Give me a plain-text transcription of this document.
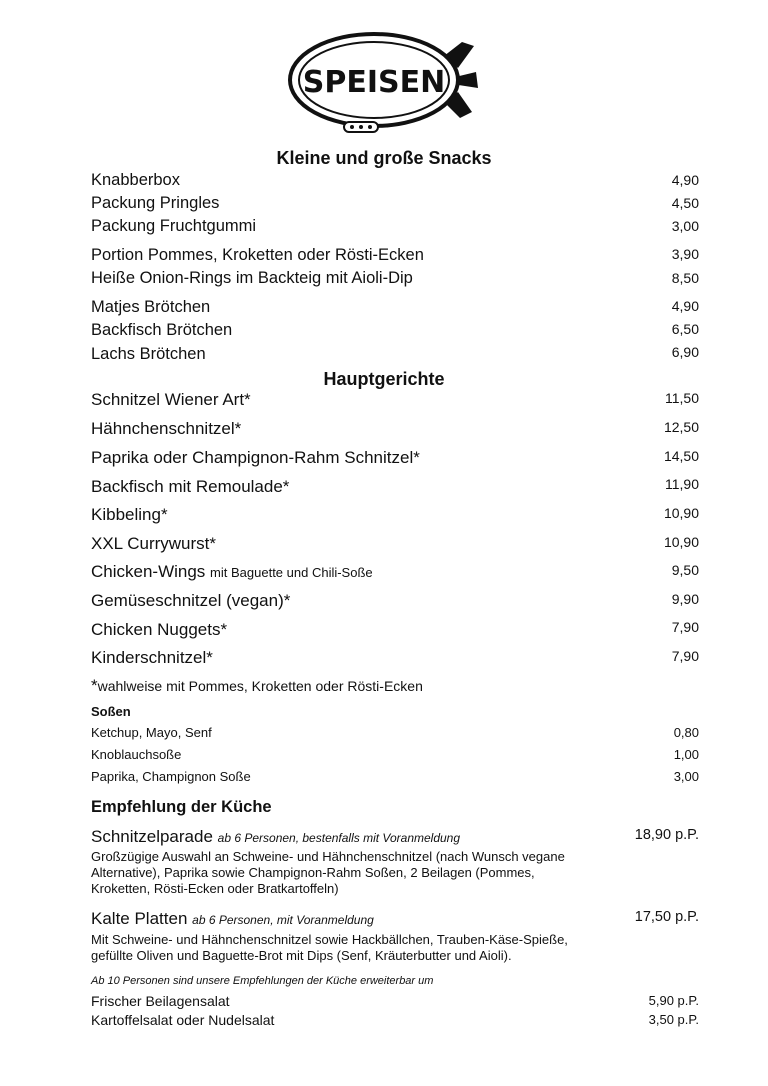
SPEISEN
Kleine und große Snacks
Knabberbox	4,90
Packung Pringles	4,50
Packung Fruchtgummi	3,00
Portion Pommes, Kroketten oder Rösti-Ecken	3,90
Heiße Onion-Rings im Backteig mit Aioli-Dip	8,50
Matjes Brötchen	4,90
Backfisch Brötchen	6,50
Lachs Brötchen	6,90
Hauptgerichte
Schnitzel Wiener Art*	11,50
Hähnchenschnitzel*	12,50
Paprika oder Champignon-Rahm Schnitzel*	14,50
Backfisch mit Remoulade*	11,90
Kibbeling*	10,90
XXL Currywurst*	10,90
Chicken-Wings mit Baguette und Chili-Soße	9,50
Gemüseschnitzel (vegan)*	9,90
Chicken Nuggets*	7,90
Kinderschnitzel*	7,90
*wahlweise mit Pommes, Kroketten oder Rösti-Ecken
Soßen
Ketchup, Mayo, Senf	0,80
Knoblauchsoße	1,00
Paprika, Champignon Soße	3,00
Empfehlung der Küche
Schnitzelparade ab 6 Personen, bestenfalls mit Voranmeldung	18,90 p.P.
Großzügige Auswahl an Schweine- und Hähnchenschnitzel (nach Wunsch vegane Alternative), Paprika sowie Champignon-Rahm Soßen, 2 Beilagen (Pommes, Kroketten, Rösti-Ecken oder Bratkartoffeln)
Kalte Platten ab 6 Personen, mit Voranmeldung	17,50 p.P.
Mit Schweine- und Hähnchenschnitzel sowie Hackbällchen, Trauben-Käse-Spieße, gefüllte Oliven und Baguette-Brot mit Dips (Senf, Kräuterbutter und Aioli).
Ab 10 Personen sind unsere Empfehlungen der Küche erweiterbar um
Frischer Beilagensalat	5,90 p.P.
Kartoffelsalat oder Nudelsalat	3,50 p.P.
